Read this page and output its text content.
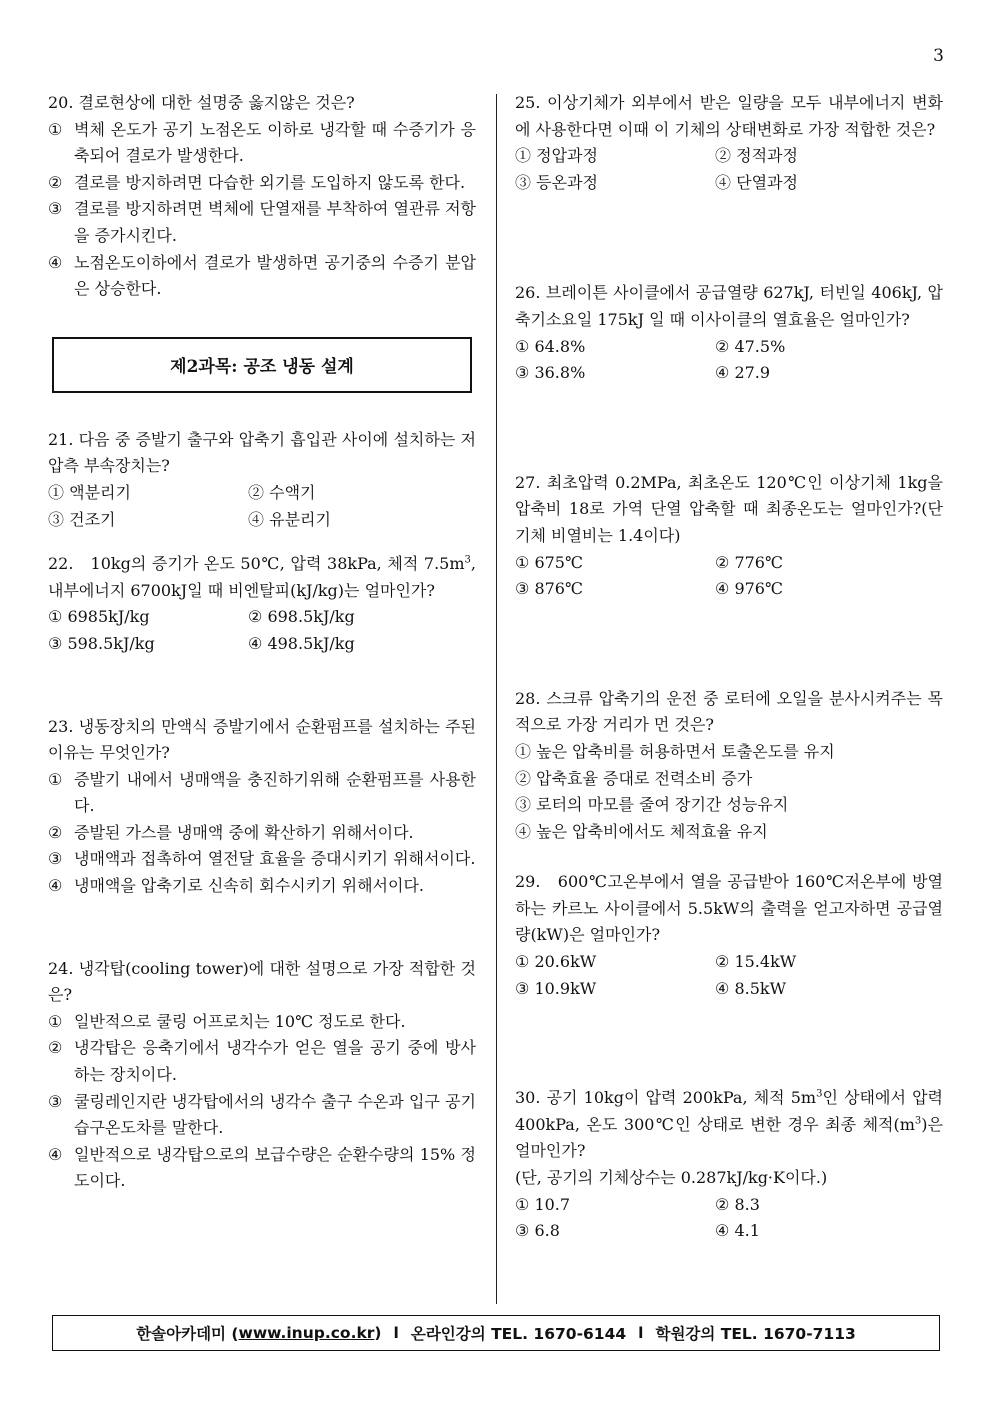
3
20. 결로현상에 대한 설명중 옳지않은 것은?
① 벽체 온도가 공기 노점온도 이하로 냉각할 때 수증기가 응축되어 결로가 발생한다.
② 결로를 방지하려면 다습한 외기를 도입하지 않도록 한다.
③ 결로를 방지하려면 벽체에 단열재를 부착하여 열관류 저항을 증가시킨다.
④ 노점온도이하에서 결로가 발생하면 공기중의 수증기 분압은 상승한다.
제2과목: 공조 냉동 설계
21. 다음 중 증발기 출구와 압축기 흡입관 사이에 설치하는 저압측 부속장치는?
① 액분리기	② 수액기
③ 건조기	④ 유분리기
22.　10kg의 증기가 온도 50℃, 압력 38kPa, 체적 $7.5m^3$, 내부에너지 6700kJ일 때 비엔탈피(kJ/kg)는 얼마인가?
① 6985kJ/kg	② 698.5kJ/kg
③ 598.5kJ/kg	④ 498.5kJ/kg
23. 냉동장치의 만액식 증발기에서 순환펌프를 설치하는 주된 이유는 무엇인가?
① 증발기 내에서 냉매액을 충진하기위해 순환펌프를 사용한다.
② 증발된 가스를 냉매액 중에 확산하기 위해서이다.
③ 냉매액과 접촉하여 열전달 효율을 증대시키기 위해서이다.
④ 냉매액을 압축기로 신속히 회수시키기 위해서이다.
24. 냉각탑(cooling tower)에 대한 설명으로 가장 적합한 것은?
① 일반적으로 쿨링 어프로치는 10℃ 정도로 한다.
② 냉각탑은 응축기에서 냉각수가 얻은 열을 공기 중에 방사하는 장치이다.
③ 쿨링레인지란 냉각탑에서의 냉각수 출구 수온과 입구 공기 습구온도차를 말한다.
④ 일반적으로 냉각탑으로의 보급수량은 순환수량의 15% 정도이다.
25. 이상기체가 외부에서 받은 일량을 모두 내부에너지 변화에 사용한다면 이때 이 기체의 상태변화로 가장 적합한 것은?
① 정압과정	② 정적과정
③ 등온과정	④ 단열과정
26. 브레이튼 사이클에서 공급열량 627kJ, 터빈일 406kJ, 압축기소요일 175kJ 일 때 이사이클의 열효율은 얼마인가?
① 64.8%	② 47.5%
③ 36.8%	④ 27.9
27. 최초압력 0.2MPa, 최초온도 120℃인 이상기체 1kg을 압축비 18로 가역 단열 압축할 때 최종온도는 얼마인가?(단 기체 비열비는 1.4이다)
① 675℃	② 776℃
③ 876℃	④ 976℃
28. 스크류 압축기의 운전 중 로터에 오일을 분사시켜주는 목적으로 가장 거리가 먼 것은?
① 높은 압축비를 허용하면서 토출온도를 유지
② 압축효율 증대로 전력소비 증가
③ 로터의 마모를 줄여 장기간 성능유지
④ 높은 압축비에서도 체적효율 유지
29.　600℃고온부에서 열을 공급받아 160℃저온부에 방열하는 카르노 사이클에서 5.5kW의 출력을 얻고자하면 공급열량(kW)은 얼마인가?
① 20.6kW	② 15.4kW
③ 10.9kW	④ 8.5kW
30. 공기 10kg이 압력 200kPa, 체적 $5m^3$인 상태에서 압력 400kPa, 온도 300℃인 상태로 변한 경우 최종 체적$(m^3)$은 얼마인가?
(단, 공기의 기체상수는 0.287kJ/kg·K이다.)
① 10.7	② 8.3
③ 6.8	④ 4.1
한솔아카데미 ( www.inup.co.kr ) l 온라인강의 TEL. 1670-6144 l 학원강의 TEL. 1670-7113
